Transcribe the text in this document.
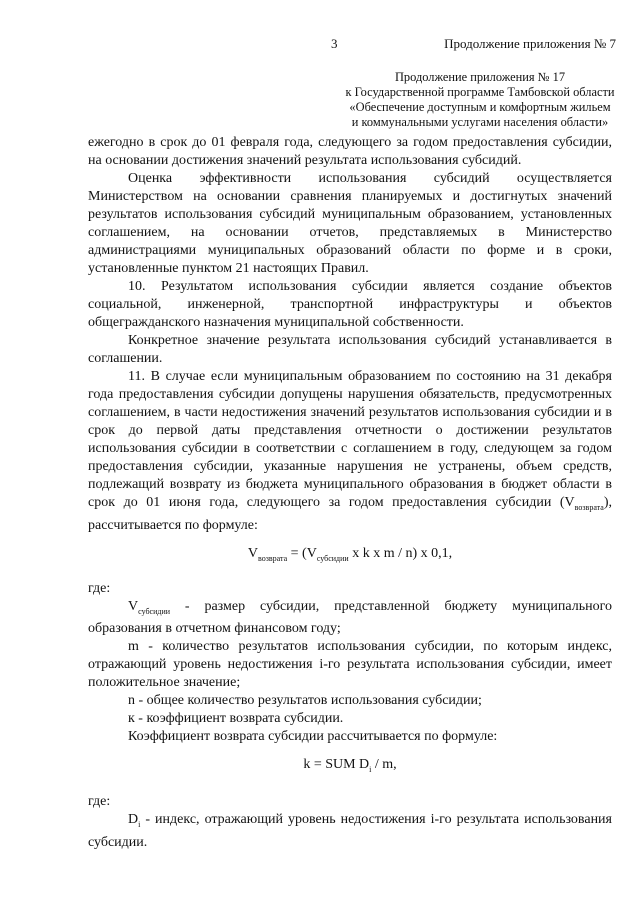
3	Продолжение приложения № 7
Продолжение приложения № 17
к Государственной программе Тамбовской области
«Обеспечение доступным и комфортным жильем
и коммунальными услугами населения области»

ежегодно в срок до 01 февраля года, следующего за годом предоставления субсидии, на основании достижения значений результата использования субсидий.

Оценка эффективности использования субсидий осуществляется Министерством на основании сравнения планируемых и достигнутых значений результатов использования субсидий муниципальным образованием, установленных соглашением, на основании отчетов, представляемых в Министерство администрациями муниципальных образований области по форме и в сроки, установленные пунктом 21 настоящих Правил.

10. Результатом использования субсидии является создание объектов социальной, инженерной, транспортной инфраструктуры и объектов общегражданского назначения муниципальной собственности.

Конкретное значение результата использования субсидий устанавливается в соглашении.

11. В случае если муниципальным образованием по состоянию на 31 декабря года предоставления субсидии допущены нарушения обязательств, предусмотренных соглашением, в части недостижения значений результатов использования субсидии и в срок до первой даты представления отчетности о достижении результатов использования субсидии в соответствии с соглашением в году, следующем за годом предоставления субсидии, указанные нарушения не устранены, объем средств, подлежащий возврату из бюджета муниципального образования в бюджет области в срок до 01 июня года, следующего за годом предоставления субсидии $(V_{возврата})$, рассчитывается по формуле:

$V_{возврата} = (V_{субсидии}$ x k x m / n) x 0,1,

где:

$V_{субсидии}$ - размер субсидии, представленной бюджету муниципального образования в отчетном финансовом году;

m - количество результатов использования субсидии, по которым индекс, отражающий уровень недостижения i-го результата использования субсидии, имеет положительное значение;

n - общее количество результатов использования субсидии;

к - коэффициент возврата субсидии.

Коэффициент возврата субсидии рассчитывается по формуле:

k = SUM $D_i$ / m,

где:

$D_i$ - индекс, отражающий уровень недостижения i-го результата использования субсидии.
